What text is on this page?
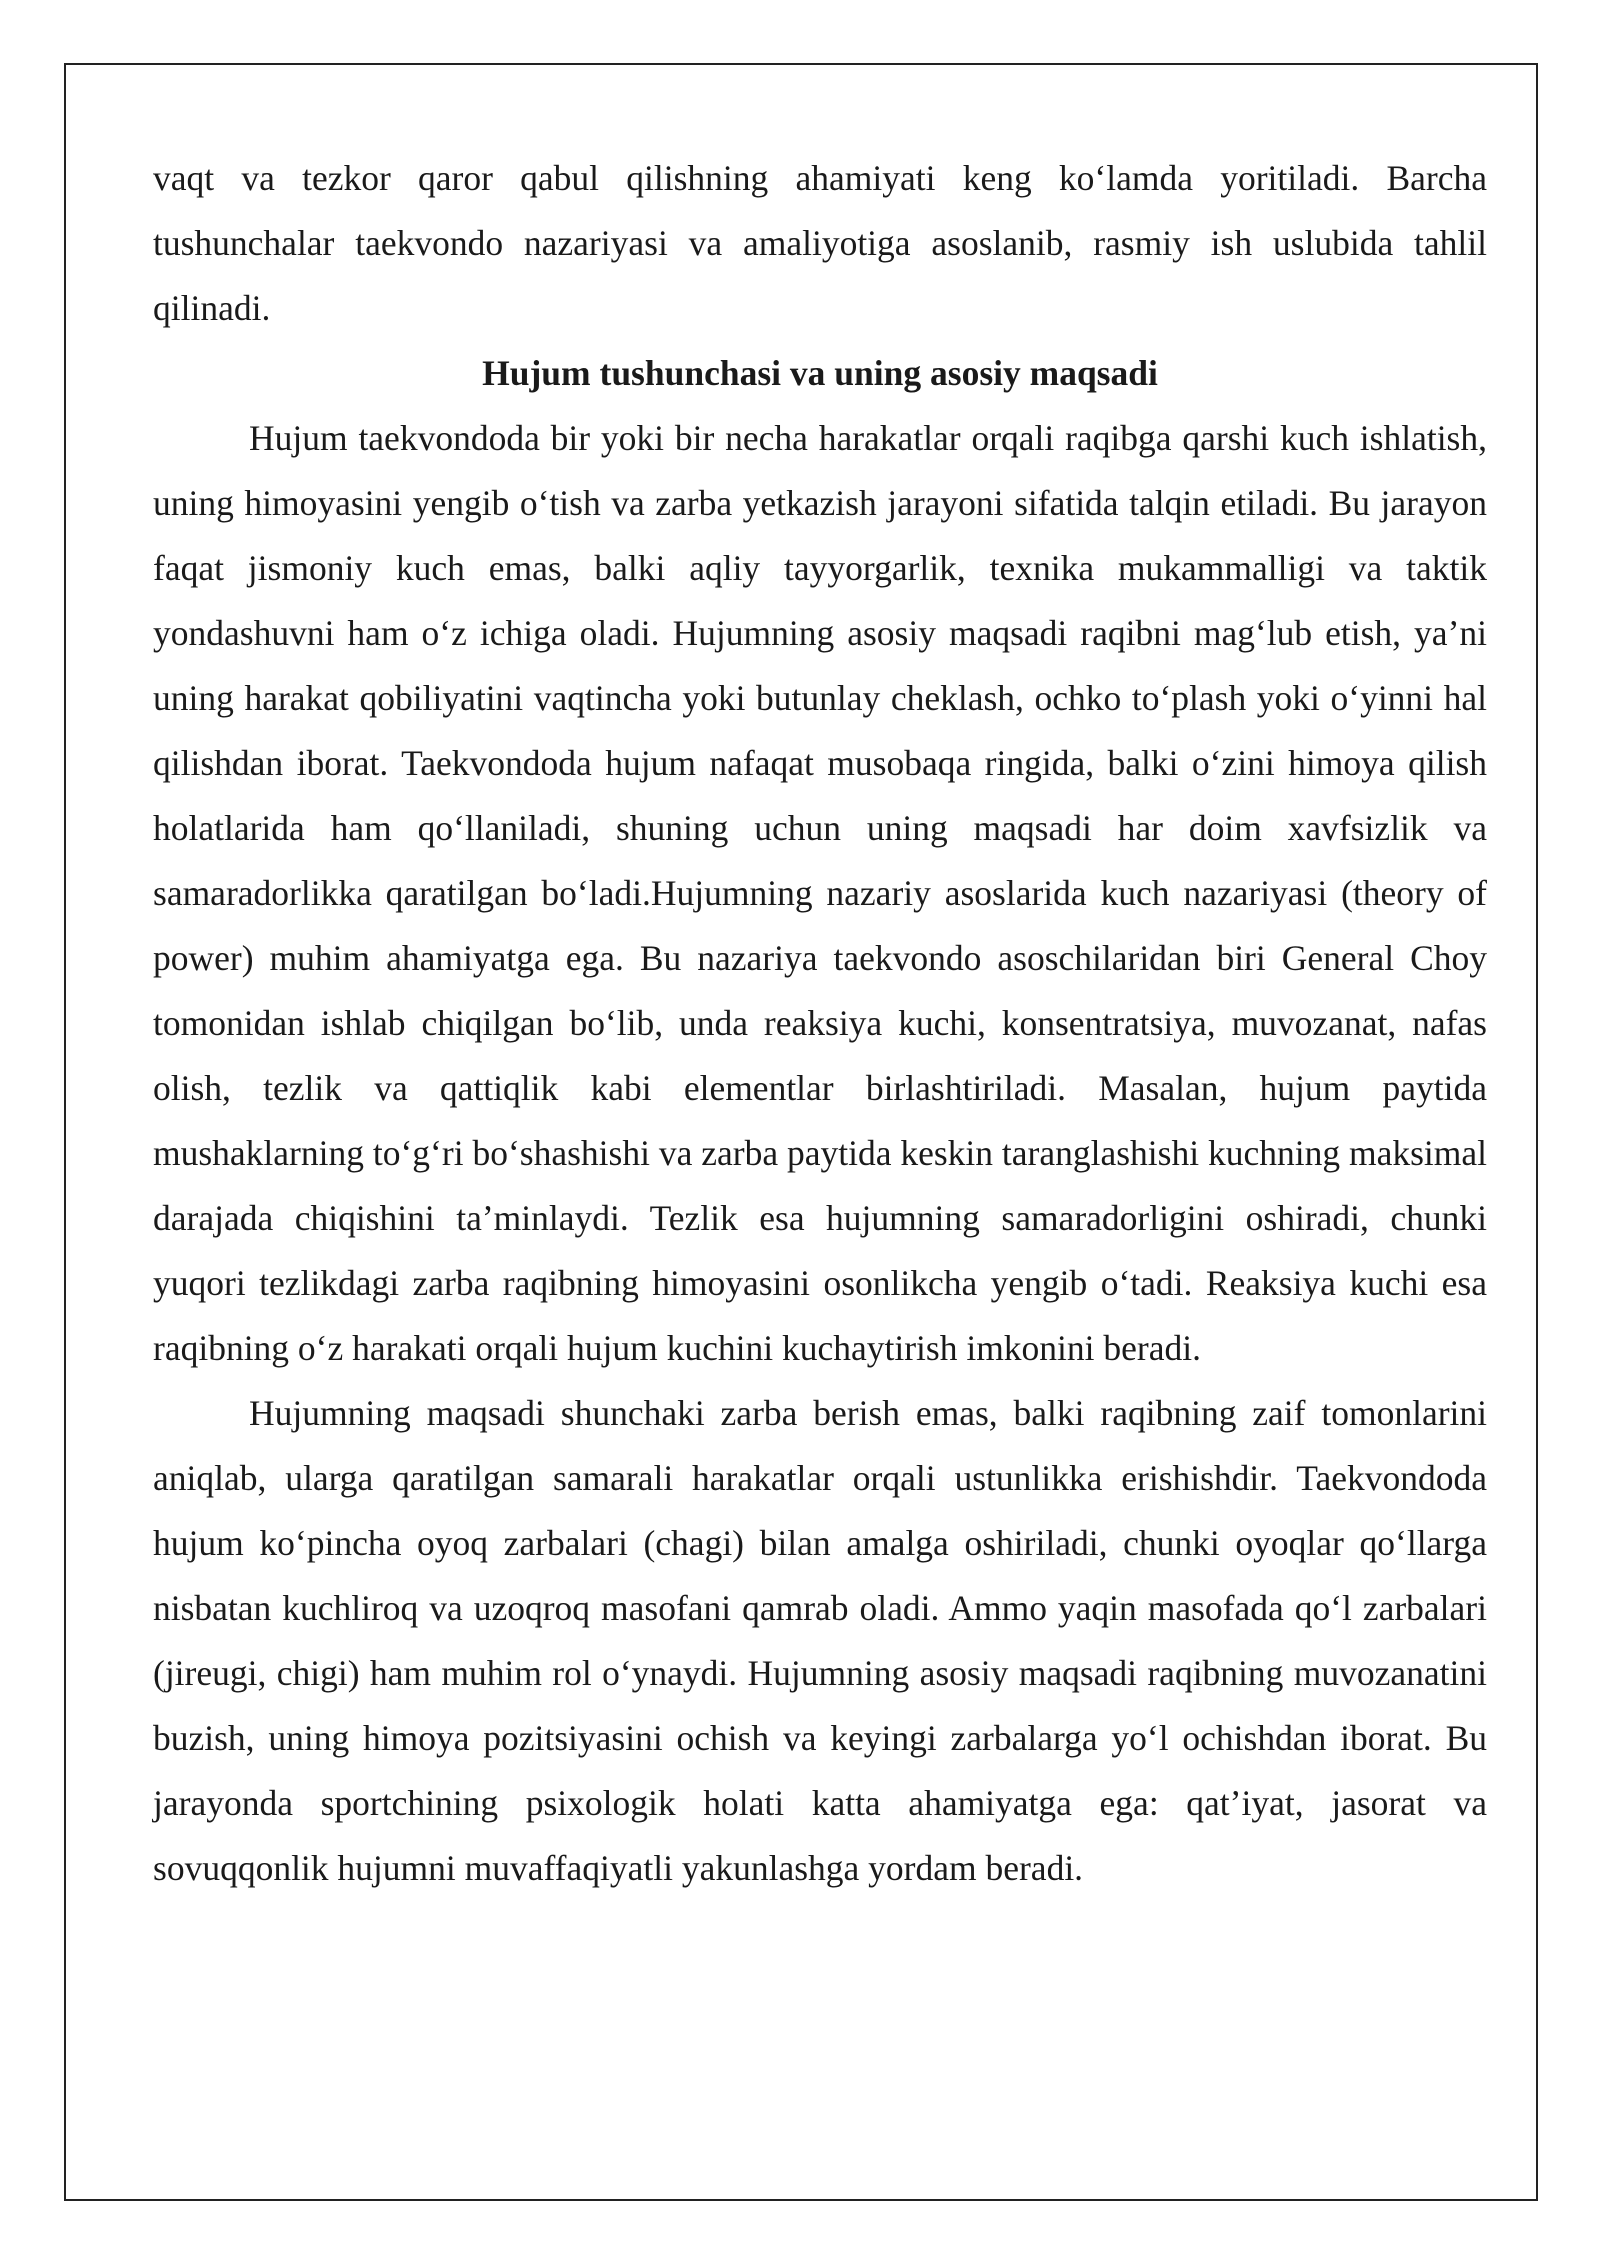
vaqt va tezkor qaror qabul qilishning ahamiyati keng koʻlamda yoritiladi. Barcha tushunchalar taekvondo nazariyasi va amaliyotiga asoslanib, rasmiy ish uslubida tahlil qilinadi.

Hujum tushunchasi va uning asosiy maqsadi

Hujum taekvondoda bir yoki bir necha harakatlar orqali raqibga qarshi kuch ishlatish, uning himoyasini yengib oʻtish va zarba yetkazish jarayoni sifatida talqin etiladi. Bu jarayon faqat jismoniy kuch emas, balki aqliy tayyorgarlik, texnika mukammalligi va taktik yondashuvni ham oʻz ichiga oladi. Hujumning asosiy maqsadi raqibni magʻlub etish, yaʼni uning harakat qobiliyatini vaqtincha yoki butunlay cheklash, ochko toʻplash yoki oʻyinni hal qilishdan iborat. Taekvondoda hujum nafaqat musobaqa ringida, balki oʻzini himoya qilish holatlarida ham qoʻllaniladi, shuning uchun uning maqsadi har doim xavfsizlik va samaradorlikka qaratilgan boʻladi.Hujumning nazariy asoslarida kuch nazariyasi (theory of power) muhim ahamiyatga ega. Bu nazariya taekvondo asoschilaridan biri General Choy tomonidan ishlab chiqilgan boʻlib, unda reaksiya kuchi, konsentratsiya, muvozanat, nafas olish, tezlik va qattiqlik kabi elementlar birlashtiriladi. Masalan, hujum paytida mushaklarning toʻgʻri boʻshashishi va zarba paytida keskin taranglashishi kuchning maksimal darajada chiqishini taʼminlaydi. Tezlik esa hujumning samaradorligini oshiradi, chunki yuqori tezlikdagi zarba raqibning himoyasini osonlikcha yengib oʻtadi. Reaksiya kuchi esa raqibning oʻz harakati orqali hujum kuchini kuchaytirish imkonini beradi.

Hujumning maqsadi shunchaki zarba berish emas, balki raqibning zaif tomonlarini aniqlab, ularga qaratilgan samarali harakatlar orqali ustunlikka erishishdir. Taekvondoda hujum koʻpincha oyoq zarbalari (chagi) bilan amalga oshiriladi, chunki oyoqlar qoʻllarga nisbatan kuchliroq va uzoqroq masofani qamrab oladi. Ammo yaqin masofada qoʻl zarbalari (jireugi, chigi) ham muhim rol oʻynaydi. Hujumning asosiy maqsadi raqibning muvozanatini buzish, uning himoya pozitsiyasini ochish va keyingi zarbalarga yoʻl ochishdan iborat. Bu jarayonda sportchining psixologik holati katta ahamiyatga ega: qatʼiyat, jasorat va sovuqqonlik hujumni muvaffaqiyatli yakunlashga yordam beradi.
